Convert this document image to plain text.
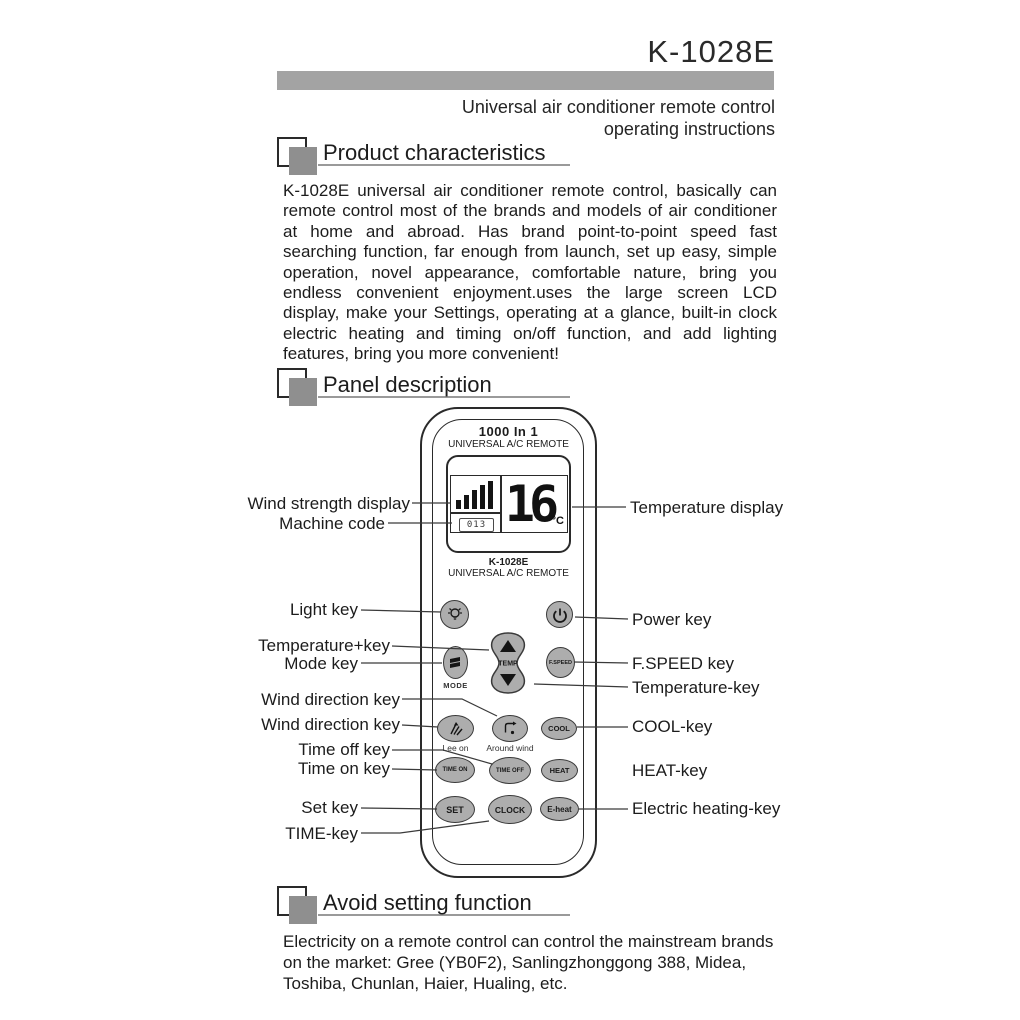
K-1028E
Universal air conditioner remote control
operating instructions
Product characteristics
K-1028E universal air conditioner remote control, basically can remote control most of the brands and models of air conditioner at home and abroad. Has brand point-to-point speed fast searching function, far enough from launch, set up easy, simple operation, novel appearance, comfortable nature, bring you endless convenient enjoyment.uses the large screen LCD display, make your Settings, operating at a glance, built-in clock electric heating and timing on/off function, and add lighting features, bring you more convenient!
Panel description
1000 In 1
UNIVERSAL A/C REMOTE
013 16
°C
K-1028E
UNIVERSAL A/C REMOTE
MODE
TEMP	F.SPEED
Lee on	Around wind
COOL
TIME ON	TIME OFF	HEAT
SET	CLOCK	E-heat
Wind strength display
Machine code
Light key
Temperature+key
Mode key
Wind direction key
Wind direction key
Time off key
Time on key
Set key
TIME-key
Temperature display
Power key
F.SPEED key
Temperature-key
COOL-key
HEAT-key
Electric heating-key
Avoid setting function
Electricity on a remote control can control the mainstream brands on the market: Gree (YB0F2), Sanlingzhonggong 388, Midea, Toshiba, Chunlan, Haier, Hualing, etc.
